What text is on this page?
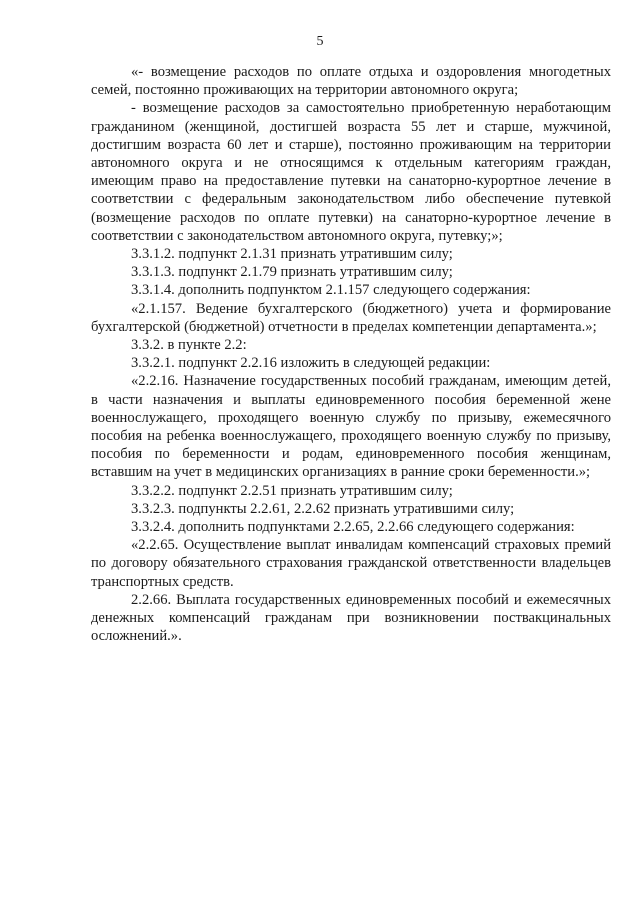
5

«- возмещение расходов по оплате отдыха и оздоровления многодетных семей, постоянно проживающих на территории автономного округа;

- возмещение расходов за самостоятельно приобретенную неработающим гражданином (женщиной, достигшей возраста 55 лет и старше, мужчиной, достигшим возраста 60 лет и старше), постоянно проживающим на территории автономного округа и не относящимся к отдельным категориям граждан, имеющим право на предоставление путевки на санаторно-курортное лечение в соответствии с федеральным законодательством либо обеспечение путевкой (возмещение расходов по оплате путевки) на санаторно-курортное лечение в соответствии с законодательством автономного округа, путевку;»;

3.3.1.2. подпункт 2.1.31 признать утратившим силу;

3.3.1.3. подпункт 2.1.79 признать утратившим силу;

3.3.1.4. дополнить подпунктом 2.1.157 следующего содержания:

«2.1.157. Ведение бухгалтерского (бюджетного) учета и формирование бухгалтерской (бюджетной) отчетности в пределах компетенции департамента.»;

3.3.2. в пункте 2.2:

3.3.2.1. подпункт 2.2.16 изложить в следующей редакции:

«2.2.16. Назначение государственных пособий гражданам, имеющим детей, в части назначения и выплаты единовременного пособия беременной жене военнослужащего, проходящего военную службу по призыву, ежемесячного пособия на ребенка военнослужащего, проходящего военную службу по призыву, пособия по беременности и родам, единовременного пособия женщинам, вставшим на учет в медицинских организациях в ранние сроки беременности.»;

3.3.2.2. подпункт 2.2.51 признать утратившим силу;

3.3.2.3. подпункты 2.2.61, 2.2.62 признать утратившими силу;

3.3.2.4. дополнить подпунктами 2.2.65, 2.2.66 следующего содержания:

«2.2.65. Осуществление выплат инвалидам компенсаций страховых премий по договору обязательного страхования гражданской ответственности владельцев транспортных средств.

2.2.66. Выплата государственных единовременных пособий и ежемесячных денежных компенсаций гражданам при возникновении поствакцинальных осложнений.».
